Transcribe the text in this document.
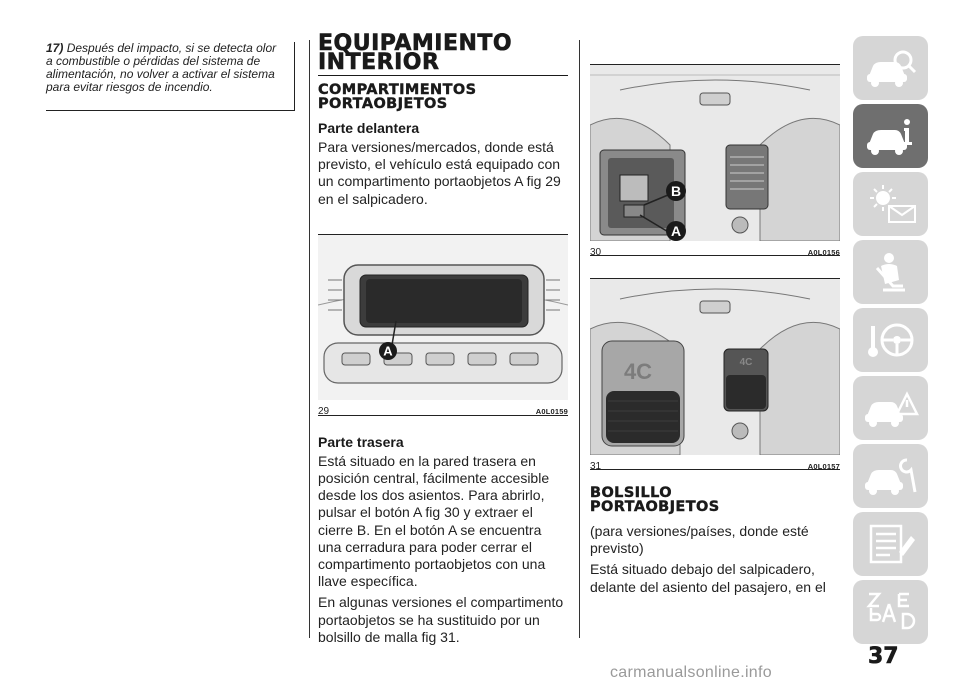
17) Después del impacto, si se detecta olor a combustible o pérdidas del sistema de alimentación, no volver a activar el sistema para evitar riesgos de incendio.
EQUIPAMIENTO
INTERIOR
COMPARTIMENTOS
PORTAOBJETOS
Parte delantera

Para versiones/mercados, donde está previsto, el vehículo está equipado con un compartimento portaobjetos A fig 29 en el salpicadero.

A
29	A0L0159
Parte trasera

Está situado en la pared trasera en posición central, fácilmente accesible desde los dos asientos. Para abrirlo, pulsar el botón A fig 30 y extraer el cierre B. En el botón A se encuentra una cerradura para poder cerrar el compartimento portaobjetos con una llave específica.

En algunas versiones el compartimento portaobjetos se ha sustituido por un bolsillo de malla fig 31.

B
A
30	A0L0156
4C	4C
31	A0L0157
BOLSILLO
PORTAOBJETOS

(para versiones/países, donde esté previsto)

Está situado debajo del salpicadero, delante del asiento del pasajero, en el

37
carmanualsonline.info
